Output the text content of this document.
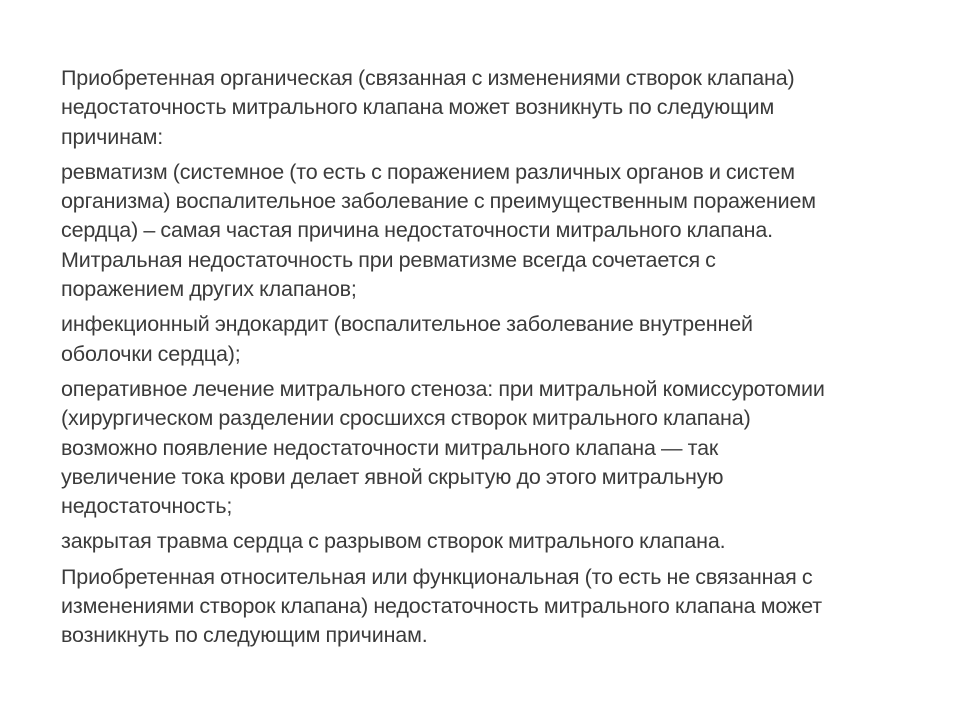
Приобретенная органическая (связанная с изменениями створок клапана)
недостаточность митрального клапана может возникнуть по следующим
причинам:

ревматизм (системное (то есть с поражением различных органов и систем
организма) воспалительное заболевание с преимущественным поражением
сердца) – самая частая причина недостаточности митрального клапана.
Митральная недостаточность при ревматизме всегда сочетается с
поражением других клапанов;

инфекционный эндокардит (воспалительное заболевание внутренней
оболочки сердца);

оперативное лечение митрального стеноза: при митральной комиссуротомии
(хирургическом разделении сросшихся створок митрального клапана)
возможно появление недостаточности митрального клапана — так
увеличение тока крови делает явной скрытую до этого митральную
недостаточность;

закрытая травма сердца с разрывом створок митрального клапана.

Приобретенная относительная или функциональная (то есть не связанная с
изменениями створок клапана) недостаточность митрального клапана может
возникнуть по следующим причинам.
